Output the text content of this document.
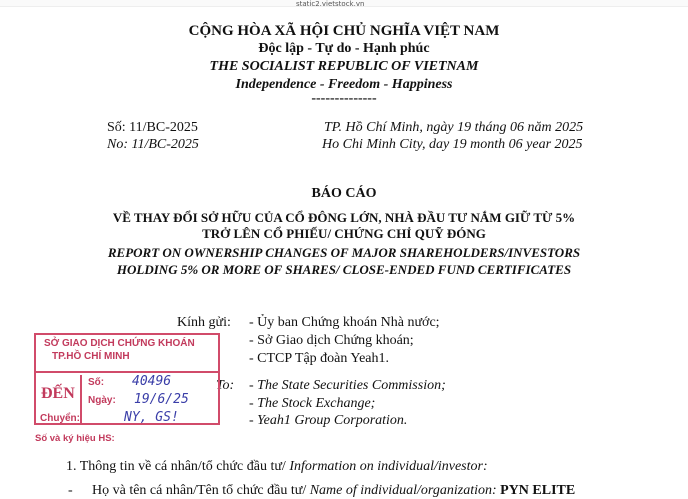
static2.vietstock.vn
CỘNG HÒA XÃ HỘI CHỦ NGHĨA VIỆT NAM
Độc lập - Tự do - Hạnh phúc
THE SOCIALIST REPUBLIC OF VIETNAM
Independence - Freedom - Happiness
--------------
Số: 11/BC-2025
No: 11/BC-2025
TP. Hồ Chí Minh, ngày 19 tháng 06 năm 2025
Ho Chi Minh City, day 19 month 06 year 2025
BÁO CÁO
VỀ THAY ĐỔI SỞ HỮU CỦA CỔ ĐÔNG LỚN, NHÀ ĐẦU TƯ NẮM GIỮ TỪ 5%
TRỞ LÊN CỔ PHIẾU/ CHỨNG CHỈ QUỸ ĐÓNG
REPORT ON OWNERSHIP CHANGES OF MAJOR SHAREHOLDERS/INVESTORS
HOLDING 5% OR MORE OF SHARES/ CLOSE-ENDED FUND CERTIFICATES
Kính gửi: - Ủy ban Chứng khoán Nhà nước;
- Sở Giao dịch Chứng khoán;
- CTCP Tập đoàn Yeah1.
To: - The State Securities Commission;
- The Stock Exchange;
- Yeah1 Group Corporation.
SỞ GIAO DỊCH CHỨNG KHOÁN
TP.HỒ CHÍ MINH
ĐẾN
Số: 40496
Ngày: 19/6/25
Chuyển:	NY, GS!
Số và ký hiệu HS:
1. Thông tin về cá nhân/tổ chức đầu tư/ Information on individual/investor:
- Họ và tên cá nhân/Tên tổ chức đầu tư/ Name of individual/organization: PYN ELITE
